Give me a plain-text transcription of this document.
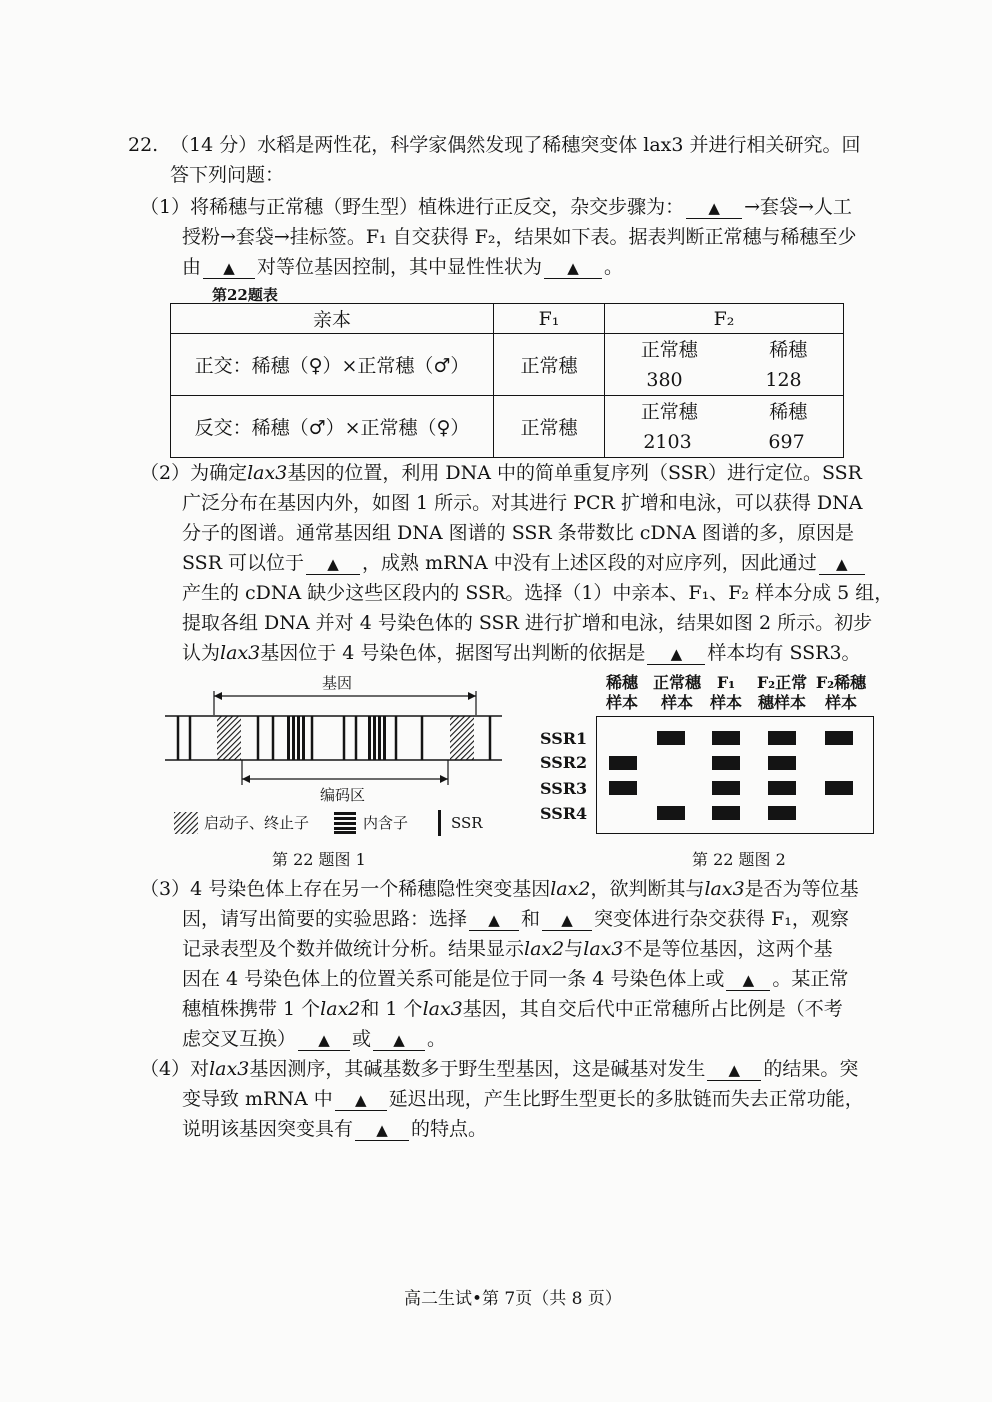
22. （14 分）水稻是两性花，科学家偶然发现了稀穗突变体 lax3 并进行相关研究。回
答下列问题：
（1）将稀穗与正常穗（野生型）植株进行正反交，杂交步骤为： ▲ →套袋→人工
授粉→套袋→挂标签。F₁ 自交获得 F₂，结果如下表。据表判断正常穗与稀穗至少
由 ▲ 对等位基因控制，其中显性性状为 ▲ 。
第22题表
亲本	F₁	F₂
正交：稀穗（♀）×正常穗（♂）	正常穗	正常穗 稀穗
380 128

反交：稀穗（♂）×正常穗（♀）	正常穗	正常穗 稀穗
2103 697
（2）为确定lax3基因的位置，利用 DNA 中的简单重复序列（SSR）进行定位。SSR
广泛分布在基因内外，如图 1 所示。对其进行 PCR 扩增和电泳，可以获得 DNA
分子的图谱。通常基因组 DNA 图谱的 SSR 条带数比 cDNA 图谱的多，原因是
SSR 可以位于 ▲ ，成熟 mRNA 中没有上述区段的对应序列，因此通过 ▲
产生的 cDNA 缺少这些区段内的 SSR。选择（1）中亲本、F₁、F₂ 样本分成 5 组，
提取各组 DNA 并对 4 号染色体的 SSR 进行扩增和电泳，结果如图 2 所示。初步
认为lax3基因位于 4 号染色体，据图写出判断的依据是 ▲ 样本均有 SSR3。
基因
编码区
启动子、终止子	内含子	SSR
第 22 题图 1
稀穗
样本
正常穗
样本
F₁
样本
F₂正常
穗样本
F₂稀穗
样本
SSR1
SSR2
SSR3
SSR4
第 22 题图 2
（3）4 号染色体上存在另一个稀穗隐性突变基因lax2，欲判断其与lax3是否为等位基
因，请写出简要的实验思路：选择 ▲ 和 ▲ 突变体进行杂交获得 F₁，观察
记录表型及个数并做统计分析。结果显示lax2与lax3不是等位基因，这两个基
因在 4 号染色体上的位置关系可能是位于同一条 4 号染色体上或 ▲ 。某正常
穗植株携带 1 个lax2和 1 个lax3基因，其自交后代中正常穗所占比例是（不考
虑交叉互换） ▲ 或 ▲ 。
（4）对lax3基因测序，其碱基数多于野生型基因，这是碱基对发生 ▲ 的结果。突
变导致 mRNA 中 ▲ 延迟出现，产生比野生型更长的多肽链而失去正常功能，
说明该基因突变具有 ▲ 的特点。
高二生试•第 7页（共 8 页）
